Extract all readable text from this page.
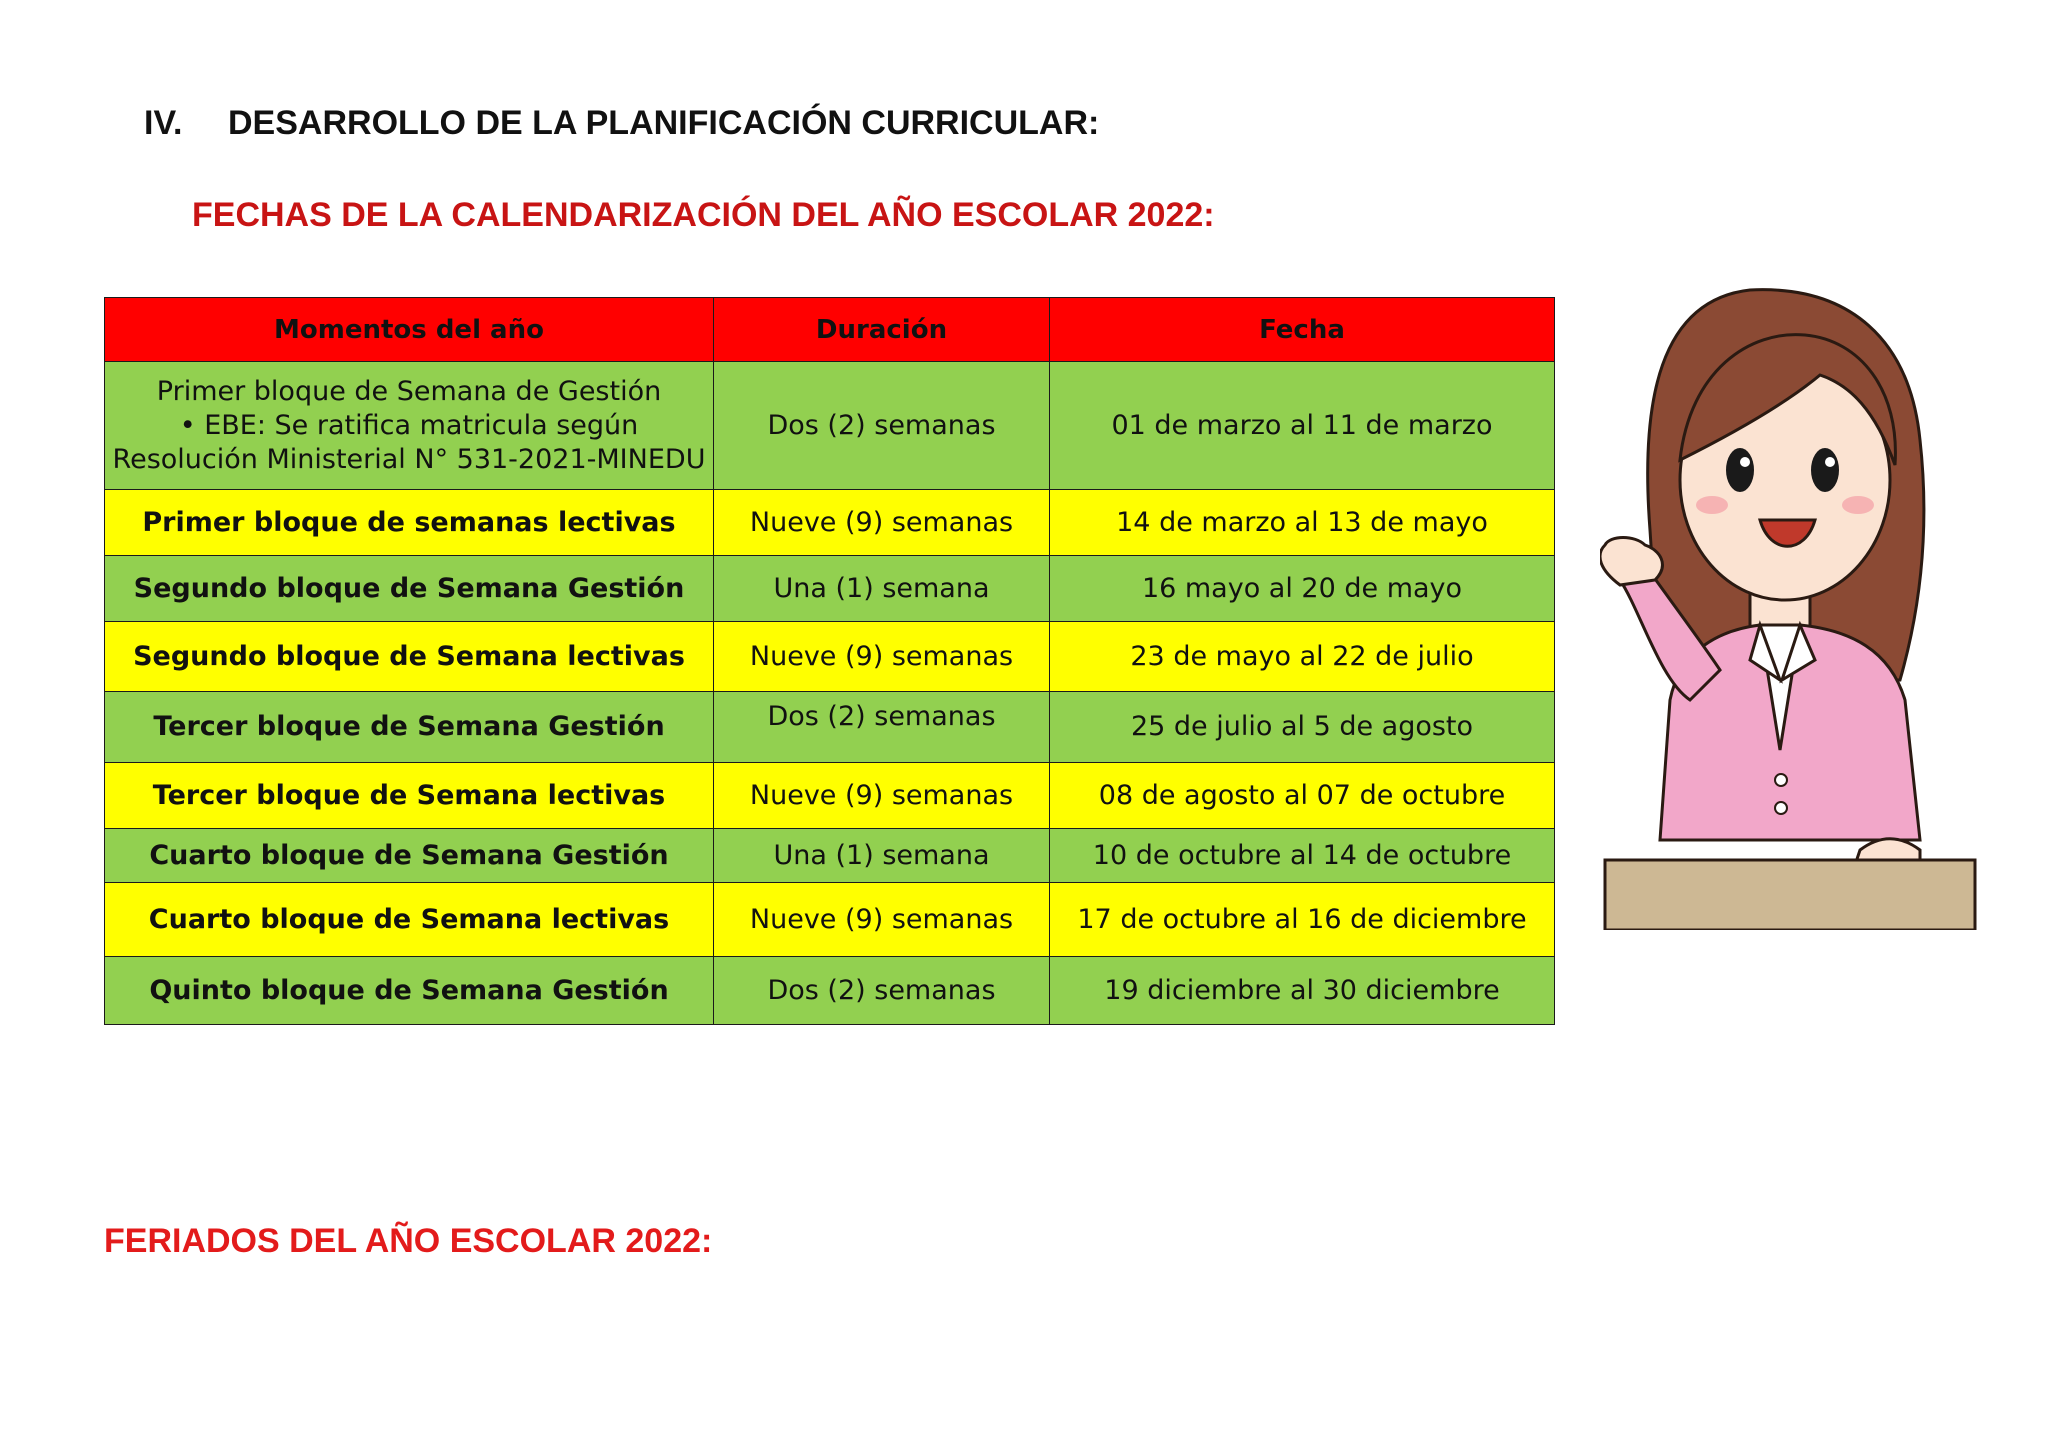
IV. DESARROLLO DE LA PLANIFICACIÓN CURRICULAR:
FECHAS DE LA CALENDARIZACIÓN DEL AÑO ESCOLAR 2022:
Momentos del año	Duración	Fecha

Primer bloque de Semana de Gestión
• EBE: Se ratifica matricula según
Resolución Ministerial N° 531-2021-MINEDU	Dos (2) semanas	01 de marzo al 11 de marzo
Primer bloque de semanas lectivas	Nueve (9) semanas	14 de marzo al 13 de mayo
Segundo bloque de Semana Gestión	Una (1) semana	16 mayo al 20 de mayo
Segundo bloque de Semana lectivas	Nueve (9) semanas	23 de mayo al 22 de julio
Tercer bloque de Semana Gestión	Dos (2) semanas	25 de julio al 5 de agosto
Tercer bloque de Semana lectivas	Nueve (9) semanas	08 de agosto al 07 de octubre
Cuarto bloque de Semana Gestión	Una (1) semana	10 de octubre al 14 de octubre
Cuarto bloque de Semana lectivas	Nueve (9) semanas	17 de octubre al 16 de diciembre
Quinto bloque de Semana Gestión	Dos (2) semanas	19 diciembre al 30 diciembre
FERIADOS DEL AÑO ESCOLAR 2022:
